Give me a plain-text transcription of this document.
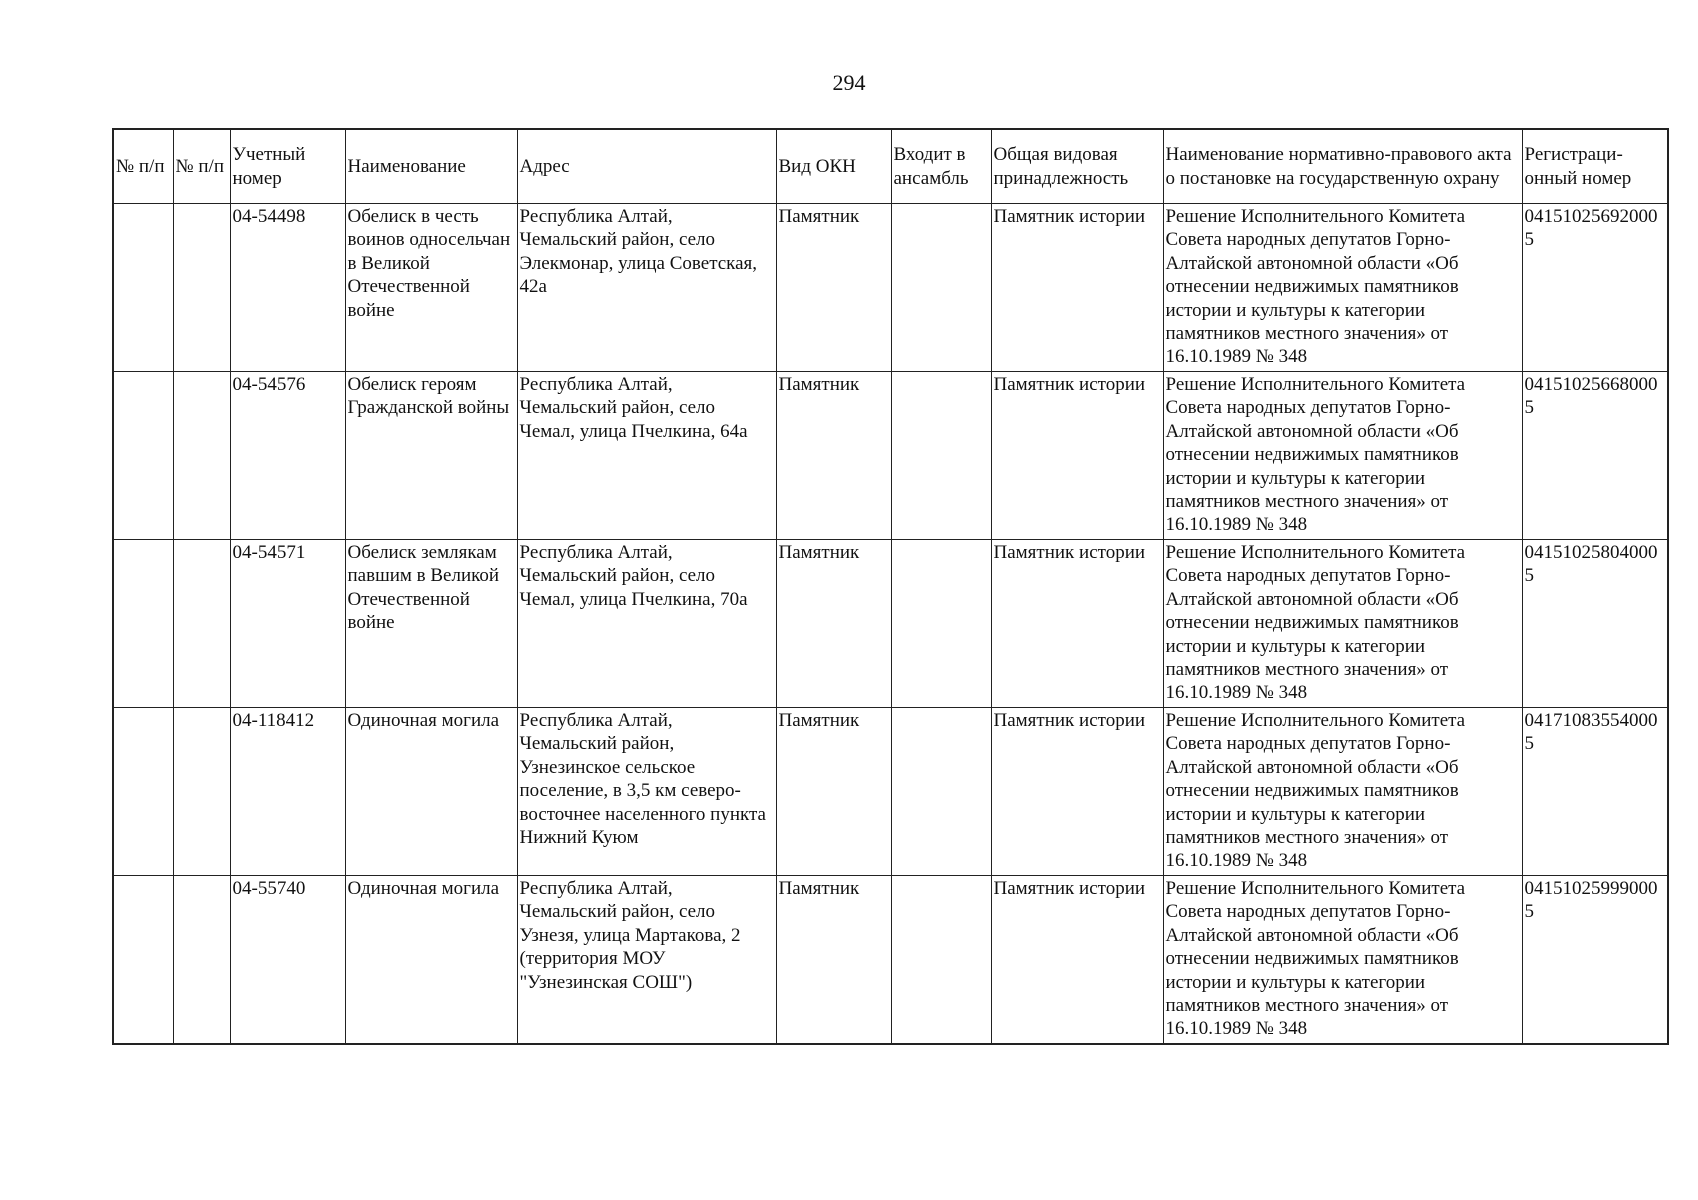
294
№ п/п	№ п/п	Учетный номер	Наименование	Адрес	Вид ОКН	Входит в ансамбль	Общая видовая принадлежность	Наименование нормативно-правового акта о постановке на государственную охрану	Регистраци-онный номер
		04-54498	Обелиск в честь воинов односельчан в Великой Отечественной войне	Республика Алтай, Чемальский район, село Элекмонар, улица Советская, 42а	Памятник		Памятник истории	Решение Исполнительного Комитета Совета народных депутатов Горно-Алтайской автономной области «Об отнесении недвижимых памятников истории и культуры к категории памятников местного значения» от 16.10.1989 № 348	041510256920005
		04-54576	Обелиск героям Гражданской войны	Республика Алтай, Чемальский район, село Чемал, улица Пчелкина, 64а	Памятник		Памятник истории	Решение Исполнительного Комитета Совета народных депутатов Горно-Алтайской автономной области «Об отнесении недвижимых памятников истории и культуры к категории памятников местного значения» от 16.10.1989 № 348	041510256680005
		04-54571	Обелиск землякам павшим в Великой Отечественной войне	Республика Алтай, Чемальский район, село Чемал, улица Пчелкина, 70а	Памятник		Памятник истории	Решение Исполнительного Комитета Совета народных депутатов Горно-Алтайской автономной области «Об отнесении недвижимых памятников истории и культуры к категории памятников местного значения» от 16.10.1989 № 348	041510258040005
		04-118412	Одиночная могила	Республика Алтай, Чемальский район, Узнезинское сельское поселение, в 3,5 км северо-восточнее населенного пункта Нижний Куюм	Памятник		Памятник истории	Решение Исполнительного Комитета Совета народных депутатов Горно-Алтайской автономной области «Об отнесении недвижимых памятников истории и культуры к категории памятников местного значения» от 16.10.1989 № 348	041710835540005
		04-55740	Одиночная могила	Республика Алтай, Чемальский район, село Узнезя, улица Мартакова, 2 (территория МОУ "Узнезинская СОШ")	Памятник		Памятник истории	Решение Исполнительного Комитета Совета народных депутатов Горно-Алтайской автономной области «Об отнесении недвижимых памятников истории и культуры к категории памятников местного значения» от 16.10.1989 № 348	041510259990005
